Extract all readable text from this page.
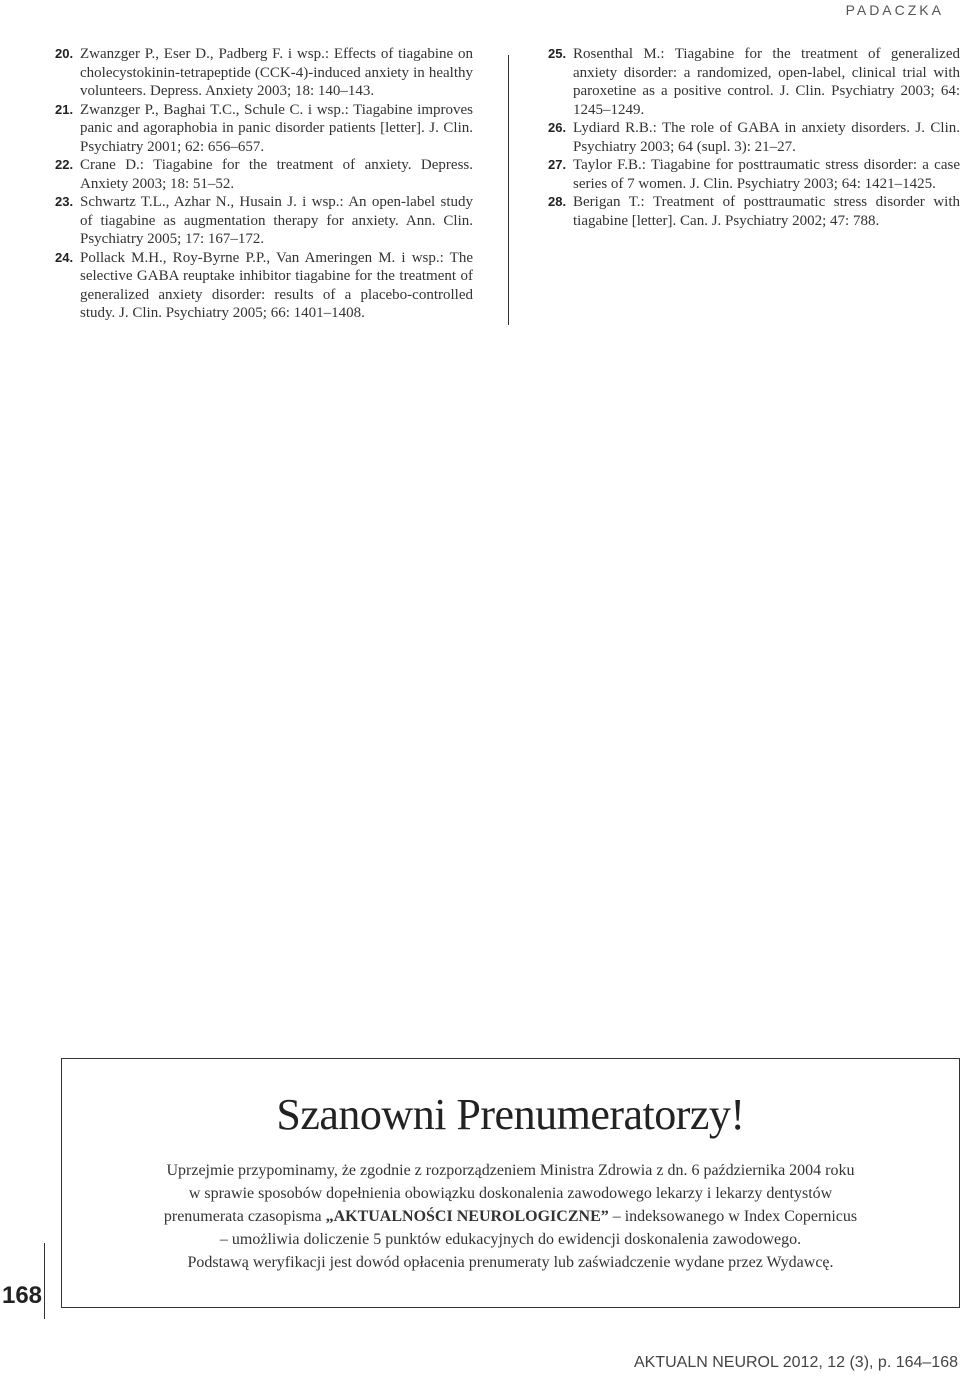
PADACZKA
20. Zwanzger P., Eser D., Padberg F. i wsp.: Effects of tiagabine on cholecystokinin-tetrapeptide (CCK-4)-induced anxiety in healthy volunteers. Depress. Anxiety 2003; 18: 140–143.
21. Zwanzger P., Baghai T.C., Schule C. i wsp.: Tiagabine improves panic and agoraphobia in panic disorder patients [letter]. J. Clin. Psychiatry 2001; 62: 656–657.
22. Crane D.: Tiagabine for the treatment of anxiety. Depress. Anxiety 2003; 18: 51–52.
23. Schwartz T.L., Azhar N., Husain J. i wsp.: An open-label study of tiagabine as augmentation therapy for anxiety. Ann. Clin. Psychiatry 2005; 17: 167–172.
24. Pollack M.H., Roy-Byrne P.P., Van Ameringen M. i wsp.: The selective GABA reuptake inhibitor tiagabine for the treatment of generalized anxiety disorder: results of a placebo-controlled study. J. Clin. Psychiatry 2005; 66: 1401–1408.
25. Rosenthal M.: Tiagabine for the treatment of generalized anxiety disorder: a randomized, open-label, clinical trial with paroxetine as a positive control. J. Clin. Psychiatry 2003; 64: 1245–1249.
26. Lydiard R.B.: The role of GABA in anxiety disorders. J. Clin. Psychiatry 2003; 64 (supl. 3): 21–27.
27. Taylor F.B.: Tiagabine for posttraumatic stress disorder: a case series of 7 women. J. Clin. Psychiatry 2003; 64: 1421–1425.
28. Berigan T.: Treatment of posttraumatic stress disorder with tiagabine [letter]. Can. J. Psychiatry 2002; 47: 788.
Szanowni Prenumeratorzy!

Uprzejmie przypominamy, że zgodnie z rozporządzeniem Ministra Zdrowia z dn. 6 października 2004 roku

w sprawie sposobów dopełnienia obowiązku doskonalenia zawodowego lekarzy i lekarzy dentystów

prenumerata czasopisma „AKTUALNOŚCI NEUROLOGICZNE” – indeksowanego w Index Copernicus

– umożliwia doliczenie 5 punktów edukacyjnych do ewidencji doskonalenia zawodowego.

Podstawą weryfikacji jest dowód opłacenia prenumeraty lub zaświadczenie wydane przez Wydawcę.

168
AKTUALN NEUROL 2012, 12 (3), p. 164–168
